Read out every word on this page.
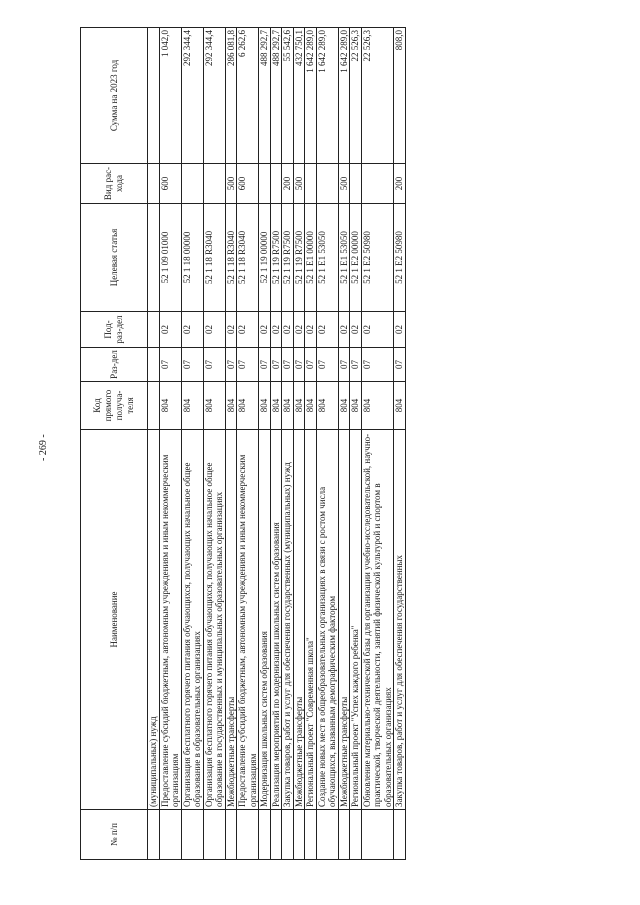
- 269 -
№ п/п	Наименование	Код прямого получа-теля	Раз-дел	Под-раз-дел	Целевая статья	Вид рас-хода	Сумма на 2023 год
	(муниципальных) нужд						
	Предоставление субсидий бюджетным, автономным учреждениям и иным некоммерческим организациям	804	07	02	52 1 09 01000	600	1 042,0
	Организация бесплатного горячего питания обучающихся, получающих начальное общее образование в образовательных организациях	804	07	02	52 1 18 00000		292 344,4
	Организация бесплатного горячего питания обучающихся, получающих начальное общее образование в государственных и муниципальных образовательных организациях	804	07	02	52 1 18 R3040		292 344,4
	Межбюджетные трансферты	804	07	02	52 1 18 R3040	500	286 081,8
	Предоставление субсидий бюджетным, автономным учреждениям и иным некоммерческим организациям	804	07	02	52 1 18 R3040	600	6 262,6
	Модернизация школьных систем образования	804	07	02	52 1 19 00000		488 292,7
	Реализация мероприятий по модернизации школьных систем образования	804	07	02	52 1 19 R7500		488 292,7
	Закупка товаров, работ и услуг для обеспечения государственных (муниципальных) нужд	804	07	02	52 1 19 R7500	200	55 542,6
	Межбюджетные трансферты	804	07	02	52 1 19 R7500	500	432 750,1
	Региональный проект "Современная школа"	804	07	02	52 1 E1 00000		1 642 289,0
	Создание новых мест в общеобразовательных организациях в связи с ростом числа обучающихся, вызванным демографическим фактором	804	07	02	52 1 E1 53050		1 642 289,0
	Межбюджетные трансферты	804	07	02	52 1 E1 53050	500	1 642 289,0
	Региональный проект "Успех каждого ребенка"	804	07	02	52 1 E2 00000		22 526,3
	Обновление материально-технической базы для организации учебно-исследовательской, научно-практической, творческой деятельности, занятий физической культурой и спортом в образовательных организациях	804	07	02	52 1 E2 50980		22 526,3
	Закупка товаров, работ и услуг для обеспечения государственных	804	07	02	52 1 E2 50980	200	808,0
